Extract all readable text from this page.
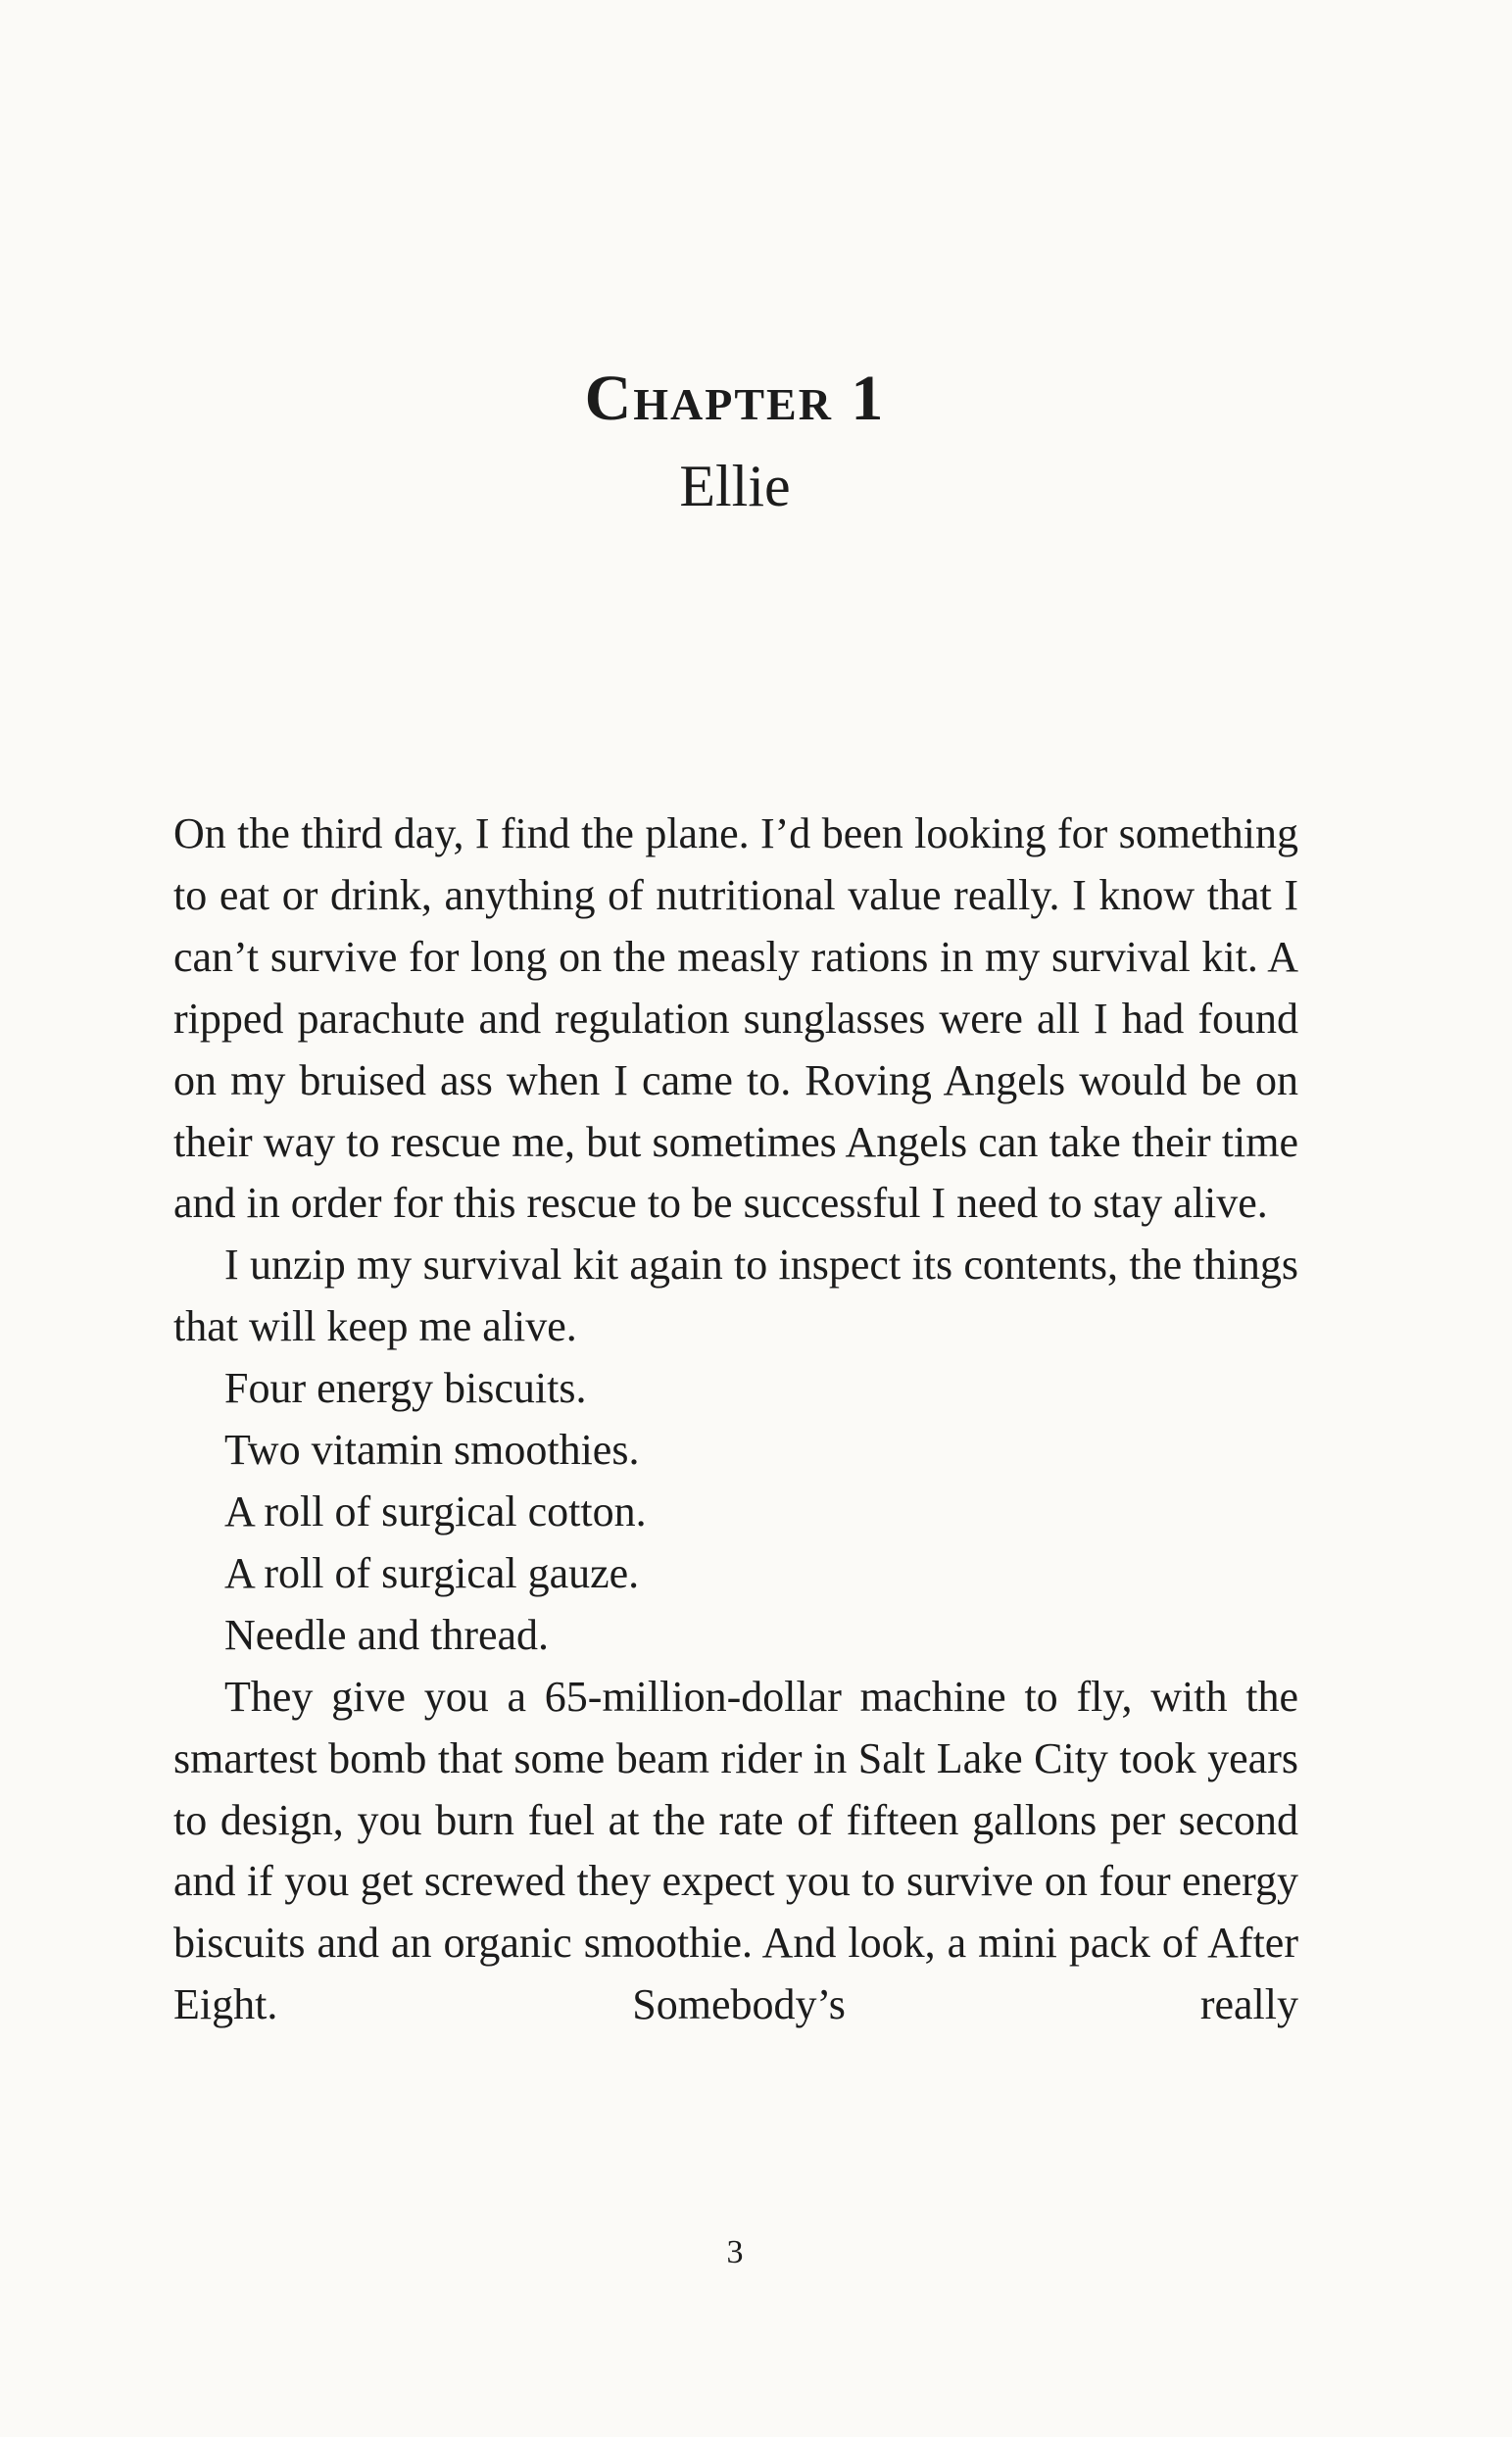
Chapter 1
Ellie

On the third day, I find the plane. I’d been looking for something to eat or drink, anything of nutritional value really. I know that I can’t survive for long on the measly rations in my survival kit. A ripped parachute and regulation sunglasses were all I had found on my bruised ass when I came to. Roving Angels would be on their way to rescue me, but sometimes Angels can take their time and in order for this rescue to be successful I need to stay alive.

I unzip my survival kit again to inspect its contents, the things that will keep me alive.

Four energy biscuits.

Two vitamin smoothies.

A roll of surgical cotton.

A roll of surgical gauze.

Needle and thread.

They give you a 65-million-dollar machine to fly, with the smartest bomb that some beam rider in Salt Lake City took years to design, you burn fuel at the rate of fifteen gallons per second and if you get screwed they expect you to survive on four energy biscuits and an organic smoothie. And look, a mini pack of After Eight. Somebody’s really

3
